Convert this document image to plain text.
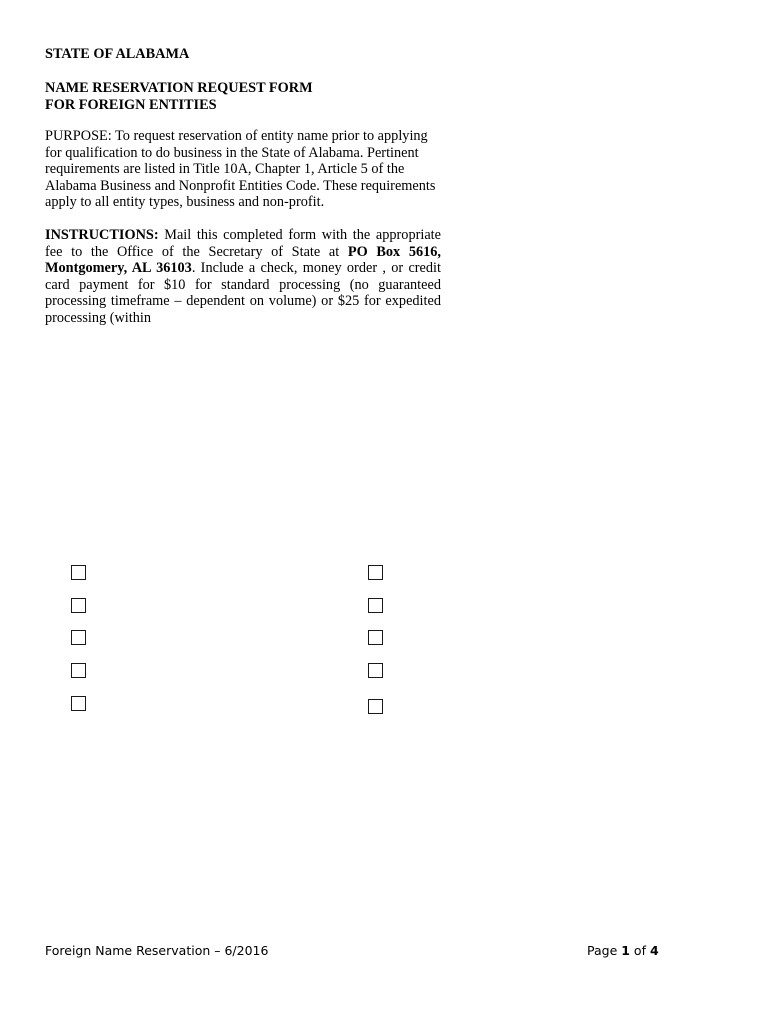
STATE OF ALABAMA
NAME RESERVATION REQUEST FORM
FOR FOREIGN ENTITIES
PURPOSE: To request reservation of entity name prior to applying
for qualification to do business in the State of Alabama. Pertinent
requirements are listed in Title 10A, Chapter 1, Article 5 of the
Alabama Business and Nonprofit Entities Code. These requirements
apply to all entity types, business and non-profit.
INSTRUCTIONS: Mail this completed form with the appropriate fee to the Office of the Secretary of State at PO Box 5616, Montgomery, AL 36103. Include a check, money order , or credit card payment for $10 for standard processing (no guaranteed processing timeframe – dependent on volume) or $25 for expedited processing (within
Foreign Name Reservation – 6/2016	Page 1 of 4
